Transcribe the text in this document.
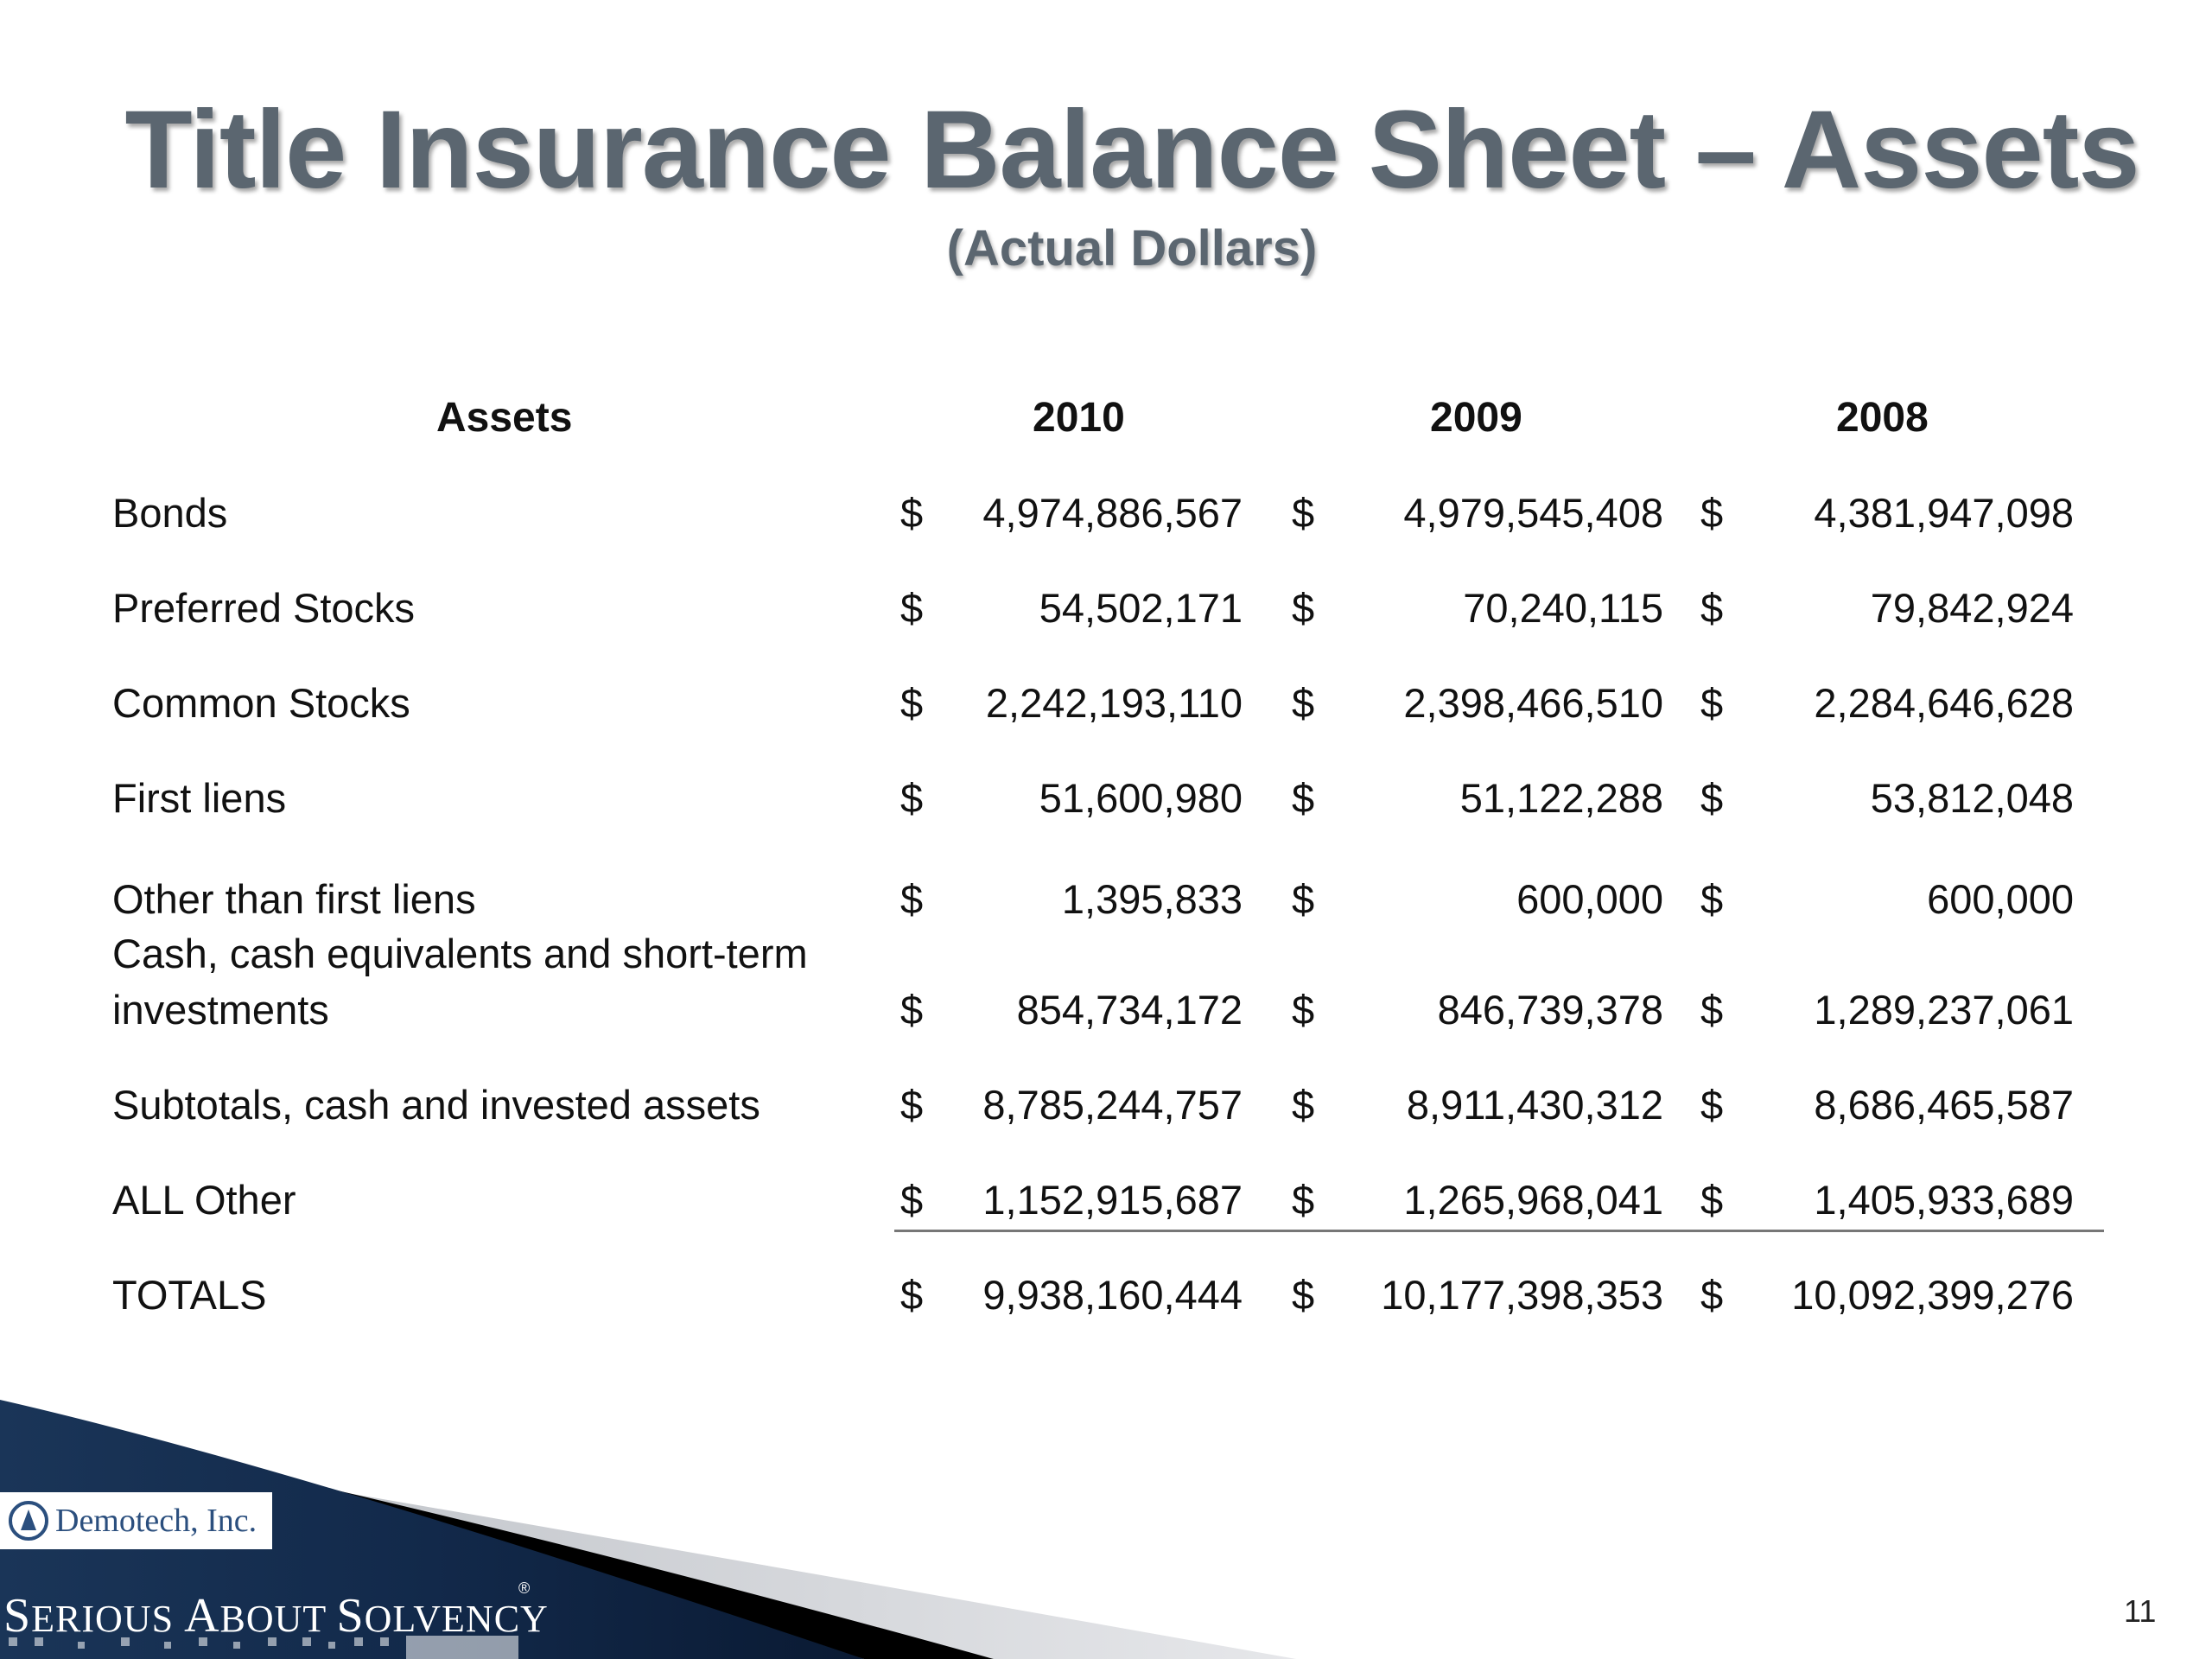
Title Insurance Balance Sheet – Assets
(Actual Dollars)
Assets	2010	2009	2008
Bonds	$	4,974,886,567 $	4,979,545,408 $	4,381,947,098
Preferred Stocks	$	54,502,171 $	70,240,115 $	79,842,924
Common Stocks	$	2,242,193,110 $	2,398,466,510 $	2,284,646,628
First liens	$	51,600,980 $	51,122,288 $	53,812,048
Other than first liens	$	1,395,833 $	600,000 $	600,000
Cash, cash equivalents and short-term
investments	$	854,734,172 $	846,739,378 $	1,289,237,061
Subtotals, cash and invested assets	$	8,785,244,757 $	8,911,430,312 $	8,686,465,587
ALL Other	$	1,152,915,687 $	1,265,968,041 $	1,405,933,689
TOTALS	$	9,938,160,444 $	10,177,398,353 $	10,092,399,276
Demotech, Inc.
SERIOUS ABOUT SOLVENCY
®
11
